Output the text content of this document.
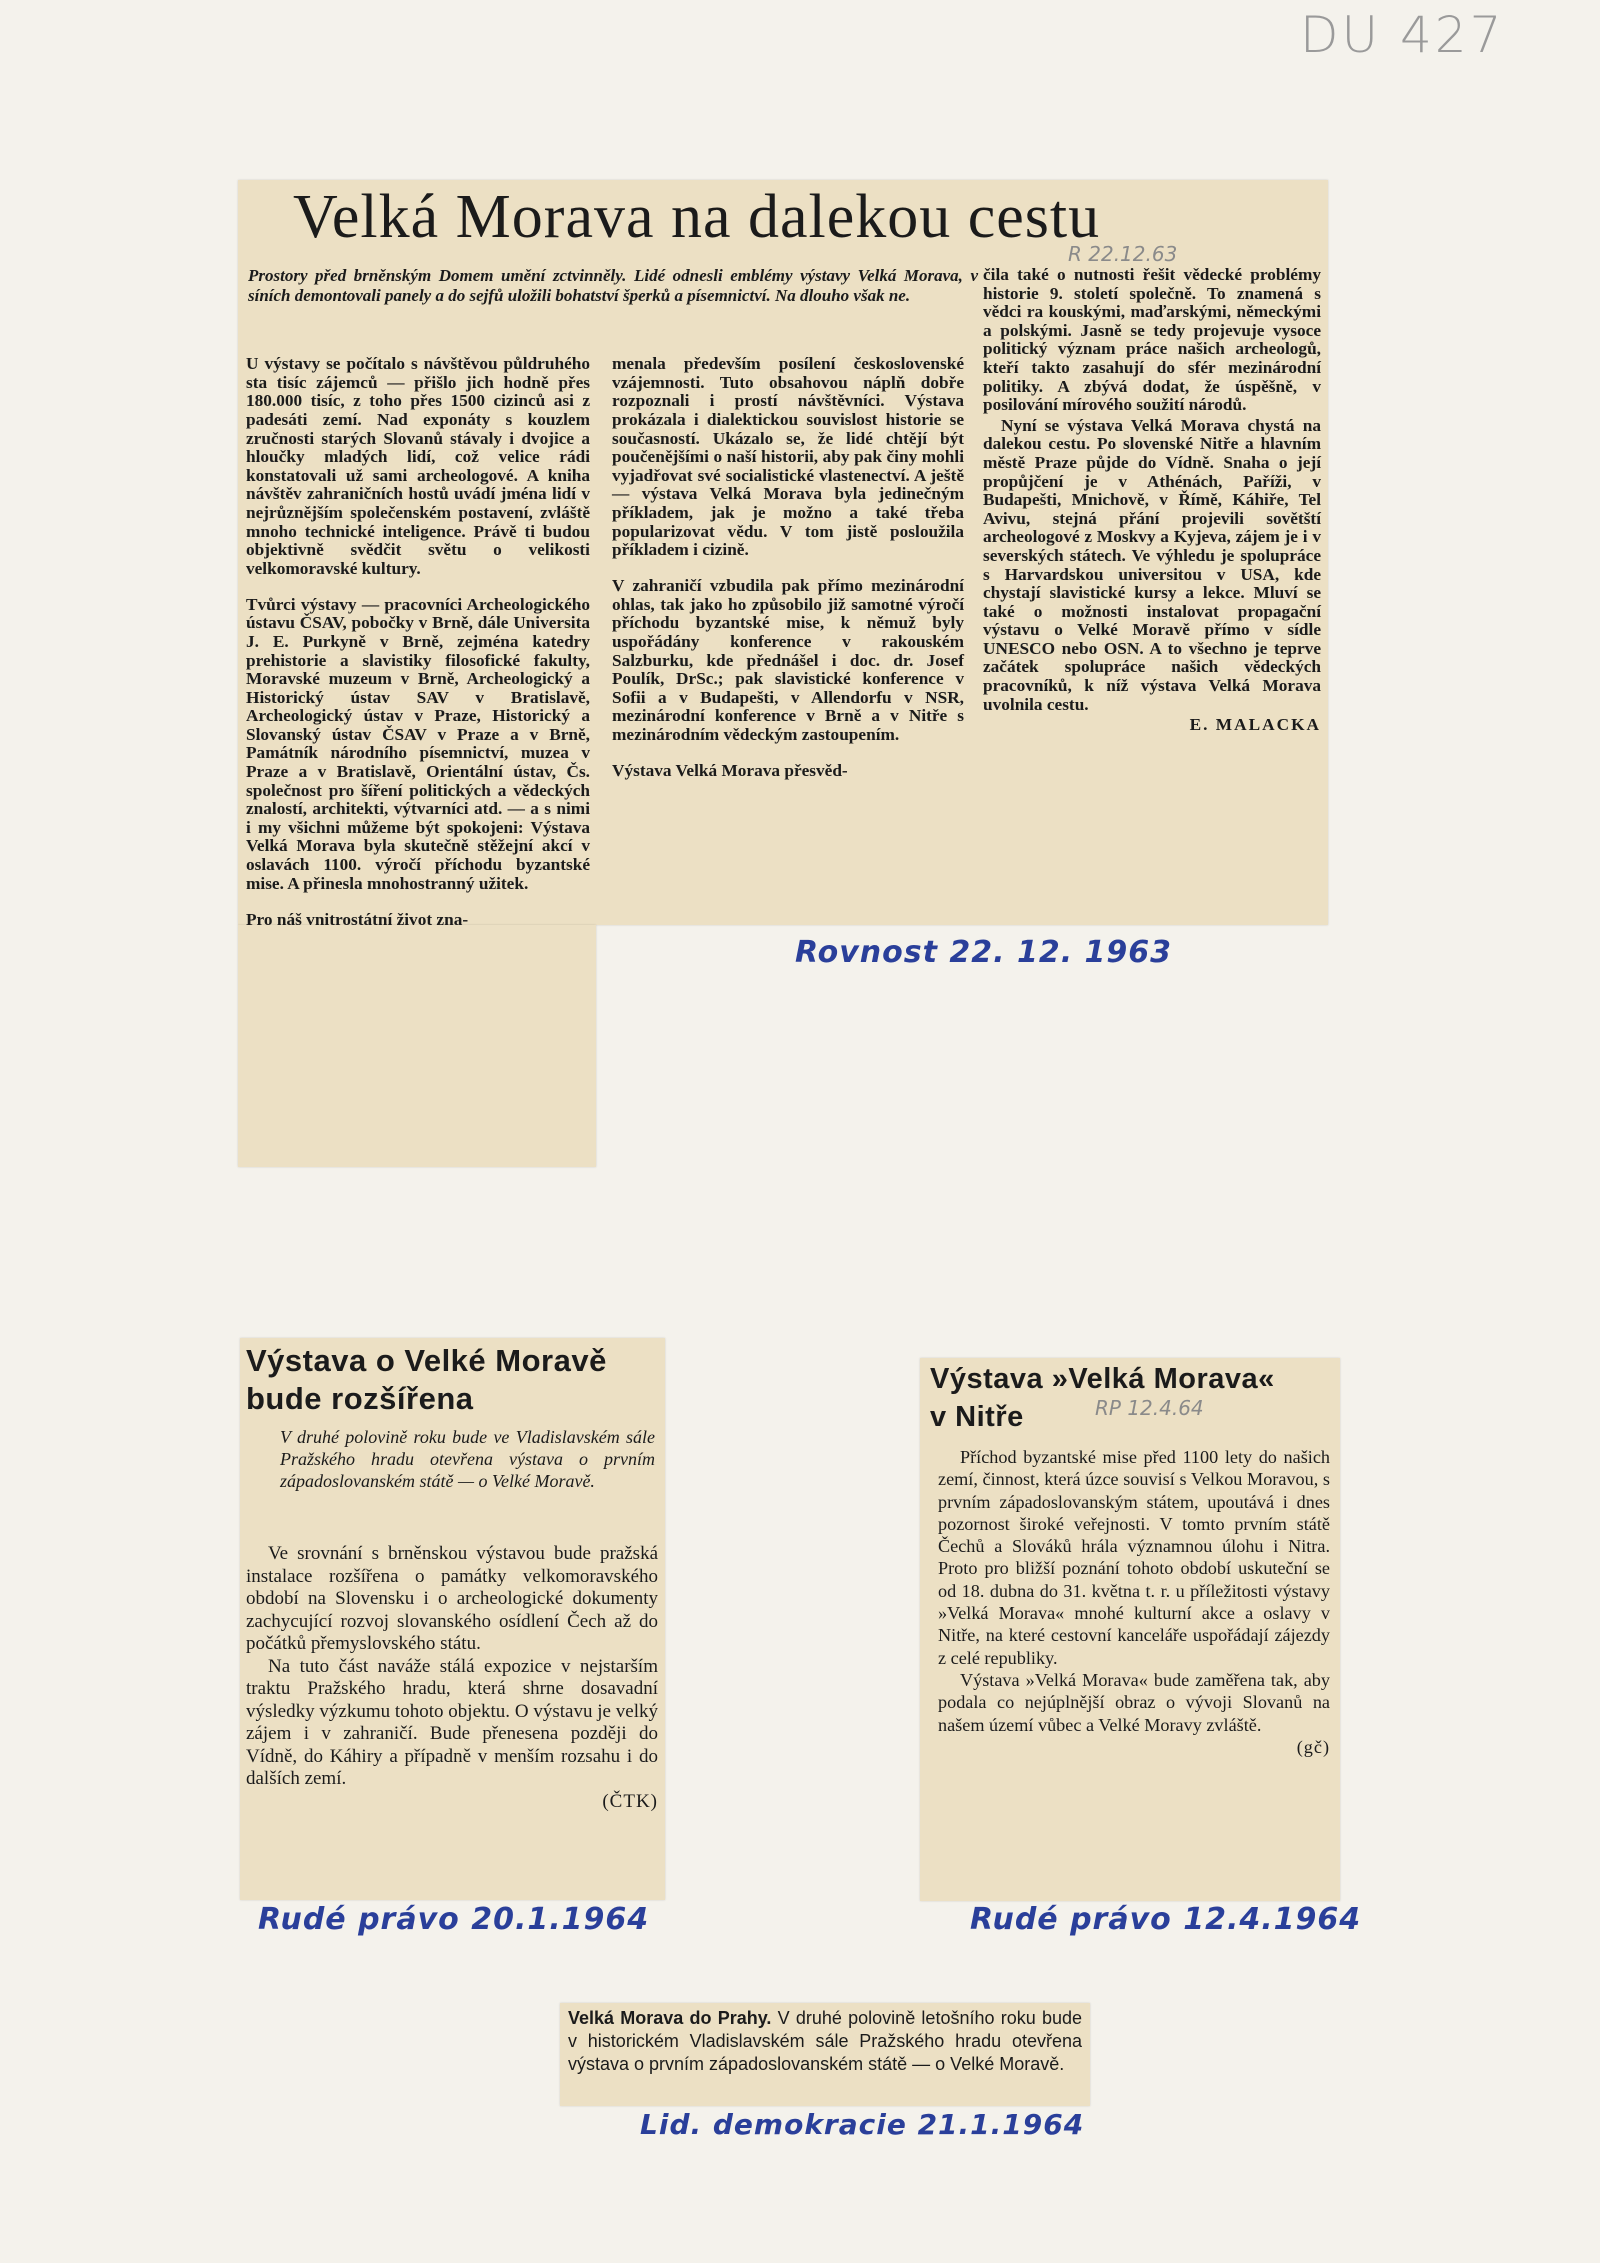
DU 427
Velká Morava na dalekou cestu
R 22.12.63
Prostory před brněnským Domem umění zctvinněly. Lidé odnesli emblémy výstavy Velká Morava, v síních demontovali panely a do sejfů uložili bohatství šperků a písemnictví. Na dlouho však ne.

čila také o nutnosti řešit vědecké problémy historie 9. století společně. To znamená s vědci ra kouskými, maďarskými, německými a polskými. Jasně se tedy projevuje vysoce politický význam práce našich archeologů, kteří takto zasahují do sfér mezinárodní politiky. A zbývá dodat, že úspěšně, v posilování mírového soužití národů.

Nyní se výstava Velká Morava chystá na dalekou cestu. Po slovenské Nitře a hlavním městě Praze půjde do Vídně. Snaha o její propůjčení je v Athénách, Paříži, v Budapešti, Mnichově, v Římě, Káhiře, Tel Avivu, stejná přání projevili sovětští archeologové z Moskvy a Kyjeva, zájem je i v severských státech. Ve výhledu je spolupráce s Harvardskou universitou v USA, kde chystají slavistické kursy a lekce. Mluví se také o možnosti instalovat propagační výstavu o Velké Moravě přímo v sídle UNESCO nebo OSN. A to všechno je teprve začátek spolupráce našich vědeckých pracovníků, k níž výstava Velká Morava uvolnila cestu.

E. MALACKA

U výstavy se počítalo s návštěvou půldruhého sta tisíc zájemců — přišlo jich hodně přes 180.000 tisíc, z toho přes 1500 cizinců asi z padesáti zemí. Nad exponáty s kouzlem zručnosti starých Slovanů stávaly i dvojice a hloučky mladých lidí, což velice rádi konstatovali už sami archeologové. A kniha návštěv zahraničních hostů uvádí jména lidí v nejrůznějším společenském postavení, zvláště mnoho technické inteligence. Právě ti budou objektivně svědčit světu o velikosti velkomoravské kultury.

Tvůrci výstavy — pracovníci Archeologického ústavu ČSAV, pobočky v Brně, dále Universita J. E. Purkyně v Brně, zejména katedry prehistorie a slavistiky filosofické fakulty, Moravské muzeum v Brně, Archeologický a Historický ústav SAV v Bratislavě, Archeologický ústav v Praze, Historický a Slovanský ústav ČSAV v Praze a v Brně, Památník národního písemnictví, muzea v Praze a v Bratislavě, Orientální ústav, Čs. společnost pro šíření politických a vědeckých znalostí, architekti, výtvarníci atd. — a s nimi i my všichni můžeme být spokojeni: Výstava Velká Morava byla skutečně stěžejní akcí v oslavách 1100. výročí příchodu byzantské mise. A přinesla mnohostranný užitek.

Pro náš vnitrostátní život zna-

menala především posílení československé vzájemnosti. Tuto obsahovou náplň dobře rozpoznali i prostí návštěvníci. Výstava prokázala i dialektickou souvislost historie se současností. Ukázalo se, že lidé chtějí být poučenějšími o naší historii, aby pak činy mohli vyjadřovat své socialistické vlastenectví. A ještě — výstava Velká Morava byla jedinečným příkladem, jak je možno a také třeba popularizovat vědu. V tom jistě posloužila příkladem i cizině.

V zahraničí vzbudila pak přímo mezinárodní ohlas, tak jako ho způsobilo již samotné výročí příchodu byzantské mise, k němuž byly uspořádány konference v rakouském Salzburku, kde přednášel i doc. dr. Josef Poulík, DrSc.; pak slavistické konference v Sofii a v Budapešti, v Allendorfu v NSR, mezinárodní konference v Brně a v Nitře s mezinárodním vědeckým zastoupením.

Výstava Velká Morava přesvěd-

Rovnost 22. 12. 1963
Výstava o Velké Moravě
bude rozšířena
V druhé polovině roku bude ve Vladislavském sále Pražského hradu otevřena výstava o prvním západoslovanském státě — o Velké Moravě.

Ve srovnání s brněnskou výstavou bude pražská instalace rozšířena o památky velkomoravského období na Slovensku i o archeologické dokumenty zachycující rozvoj slovanského osídlení Čech až do počátků přemyslovského státu.

Na tuto část naváže stálá expozice v nejstarším traktu Pražského hradu, která shrne dosavadní výsledky výzkumu tohoto objektu. O výstavu je velký zájem i v zahraničí. Bude přenesena později do Vídně, do Káhiry a případně v menším rozsahu i do dalších zemí.

(ČTK)
Rudé právo 20.1.1964
Výstava »Velká Morava«
v Nitře	RP 12.4.64

Příchod byzantské mise před 1100 lety do našich zemí, činnost, která úzce souvisí s Velkou Moravou, s prvním západoslovanským státem, upoutává i dnes pozornost široké veřejnosti. V tomto prvním státě Čechů a Slováků hrála významnou úlohu i Nitra. Proto pro bližší poznání tohoto období uskuteční se od 18. dubna do 31. května t. r. u příležitosti výstavy »Velká Morava« mnohé kulturní akce a oslavy v Nitře, na které cestovní kanceláře uspořádají zájezdy z celé republiky.

Výstava »Velká Morava« bude zaměřena tak, aby podala co nejúplnější obraz o vývoji Slovanů na našem území vůbec a Velké Moravy zvláště.

(gč)
Rudé právo 12.4.1964
Velká Morava do Prahy. V druhé polovině letošního roku bude v historickém Vladislavském sále Pražského hradu otevřena výstava o prvním západoslovanském státě — o Velké Moravě.
Lid. demokracie 21.1.1964
